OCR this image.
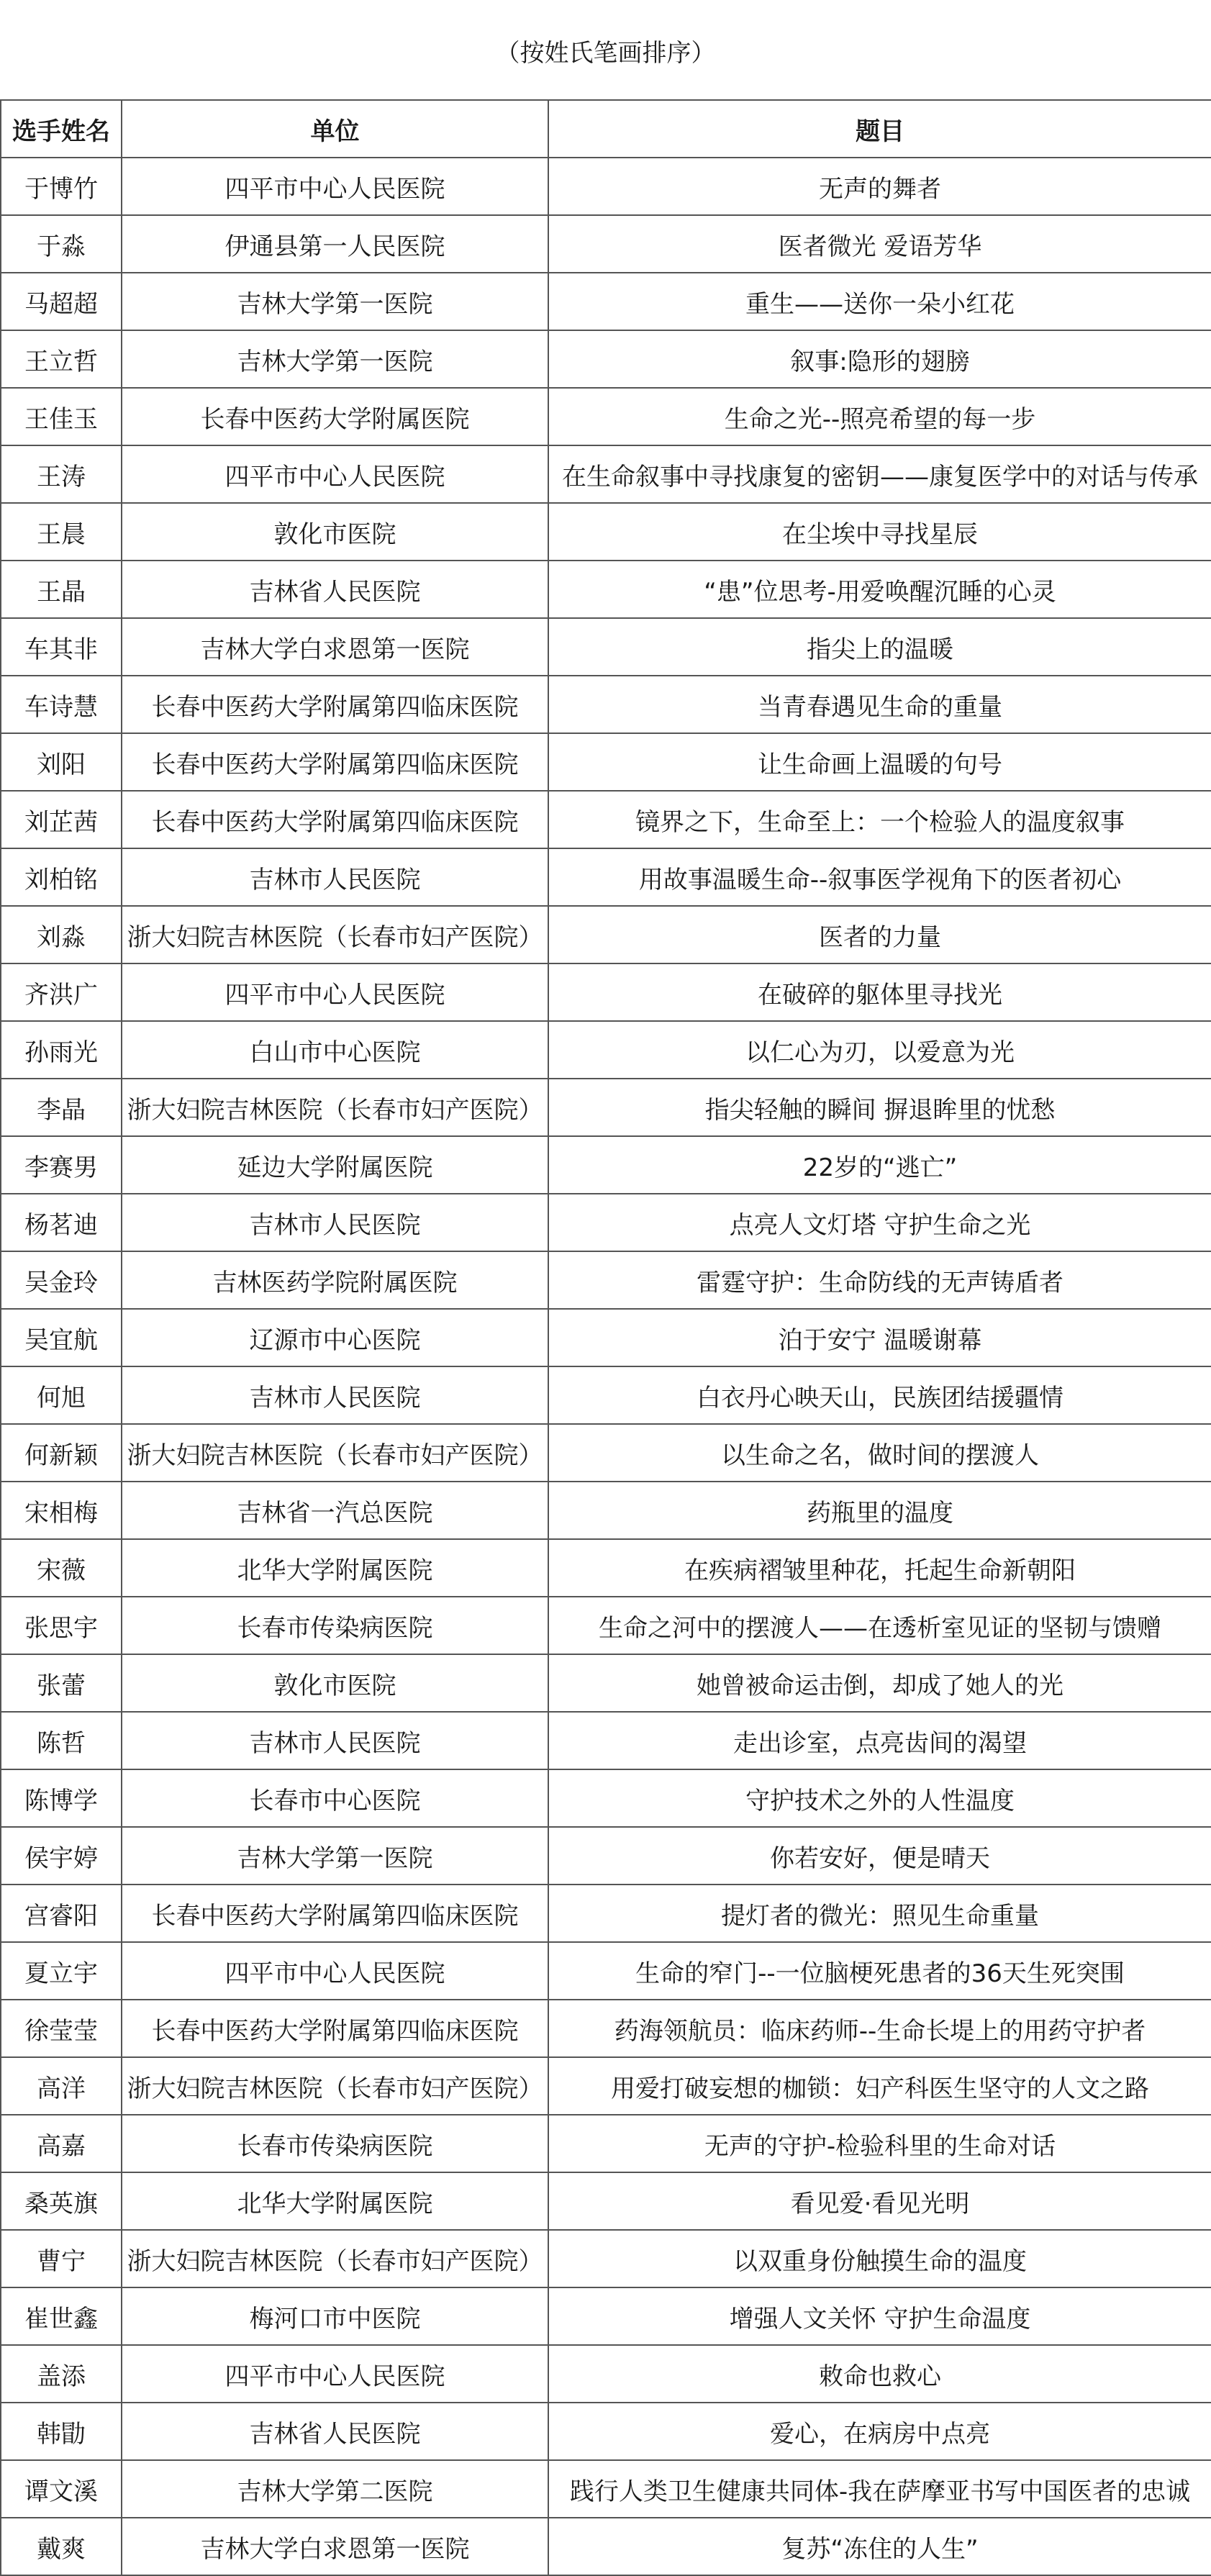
（按姓氏笔画排序）
选手姓名	单位	题目
于博竹	四平市中心人民医院	无声的舞者
于淼	伊通县第一人民医院	医者微光 爱语芳华
马超超	吉林大学第一医院	重生——送你一朵小红花
王立哲	吉林大学第一医院	叙事:隐形的翅膀
王佳玉	长春中医药大学附属医院	生命之光--照亮希望的每一步
王涛	四平市中心人民医院	在生命叙事中寻找康复的密钥——康复医学中的对话与传承
王晨	敦化市医院	在尘埃中寻找星辰
王晶	吉林省人民医院	“患”位思考-用爱唤醒沉睡的心灵
车其非	吉林大学白求恩第一医院	指尖上的温暖
车诗慧	长春中医药大学附属第四临床医院	当青春遇见生命的重量
刘阳	长春中医药大学附属第四临床医院	让生命画上温暖的句号
刘芷茜	长春中医药大学附属第四临床医院	镜界之下，生命至上：一个检验人的温度叙事
刘柏铭	吉林市人民医院	用故事温暖生命--叙事医学视角下的医者初心
刘淼	浙大妇院吉林医院（长春市妇产医院）	医者的力量
齐洪广	四平市中心人民医院	在破碎的躯体里寻找光
孙雨光	白山市中心医院	以仁心为刃，以爱意为光
李晶	浙大妇院吉林医院（长春市妇产医院）	指尖轻触的瞬间 摒退眸里的忧愁
李赛男	延边大学附属医院	22岁的“逃亡”
杨茗迪	吉林市人民医院	点亮人文灯塔 守护生命之光
吴金玲	吉林医药学院附属医院	雷霆守护：生命防线的无声铸盾者
吴宜航	辽源市中心医院	泊于安宁 温暖谢幕
何旭	吉林市人民医院	白衣丹心映天山，民族团结援疆情
何新颖	浙大妇院吉林医院（长春市妇产医院）	以生命之名，做时间的摆渡人
宋相梅	吉林省一汽总医院	药瓶里的温度
宋薇	北华大学附属医院	在疾病褶皱里种花，托起生命新朝阳
张思宇	长春市传染病医院	生命之河中的摆渡人——在透析室见证的坚韧与馈赠
张蕾	敦化市医院	她曾被命运击倒，却成了她人的光
陈哲	吉林市人民医院	走出诊室，点亮齿间的渴望
陈博学	长春市中心医院	守护技术之外的人性温度
侯宇婷	吉林大学第一医院	你若安好，便是晴天
宫睿阳	长春中医药大学附属第四临床医院	提灯者的微光：照见生命重量
夏立宇	四平市中心人民医院	生命的窄门--一位脑梗死患者的36天生死突围
徐莹莹	长春中医药大学附属第四临床医院	药海领航员：临床药师--生命长堤上的用药守护者
高洋	浙大妇院吉林医院（长春市妇产医院）	用爱打破妄想的枷锁：妇产科医生坚守的人文之路
高嘉	长春市传染病医院	无声的守护-检验科里的生命对话
桑英旗	北华大学附属医院	看见爱·看见光明
曹宁	浙大妇院吉林医院（长春市妇产医院）	以双重身份触摸生命的温度
崔世鑫	梅河口市中医院	增强人文关怀 守护生命温度
盖添	四平市中心人民医院	敕命也救心
韩勖	吉林省人民医院	爱心，在病房中点亮
谭文溪	吉林大学第二医院	践行人类卫生健康共同体-我在萨摩亚书写中国医者的忠诚
戴爽	吉林大学白求恩第一医院	复苏“冻住的人生”
